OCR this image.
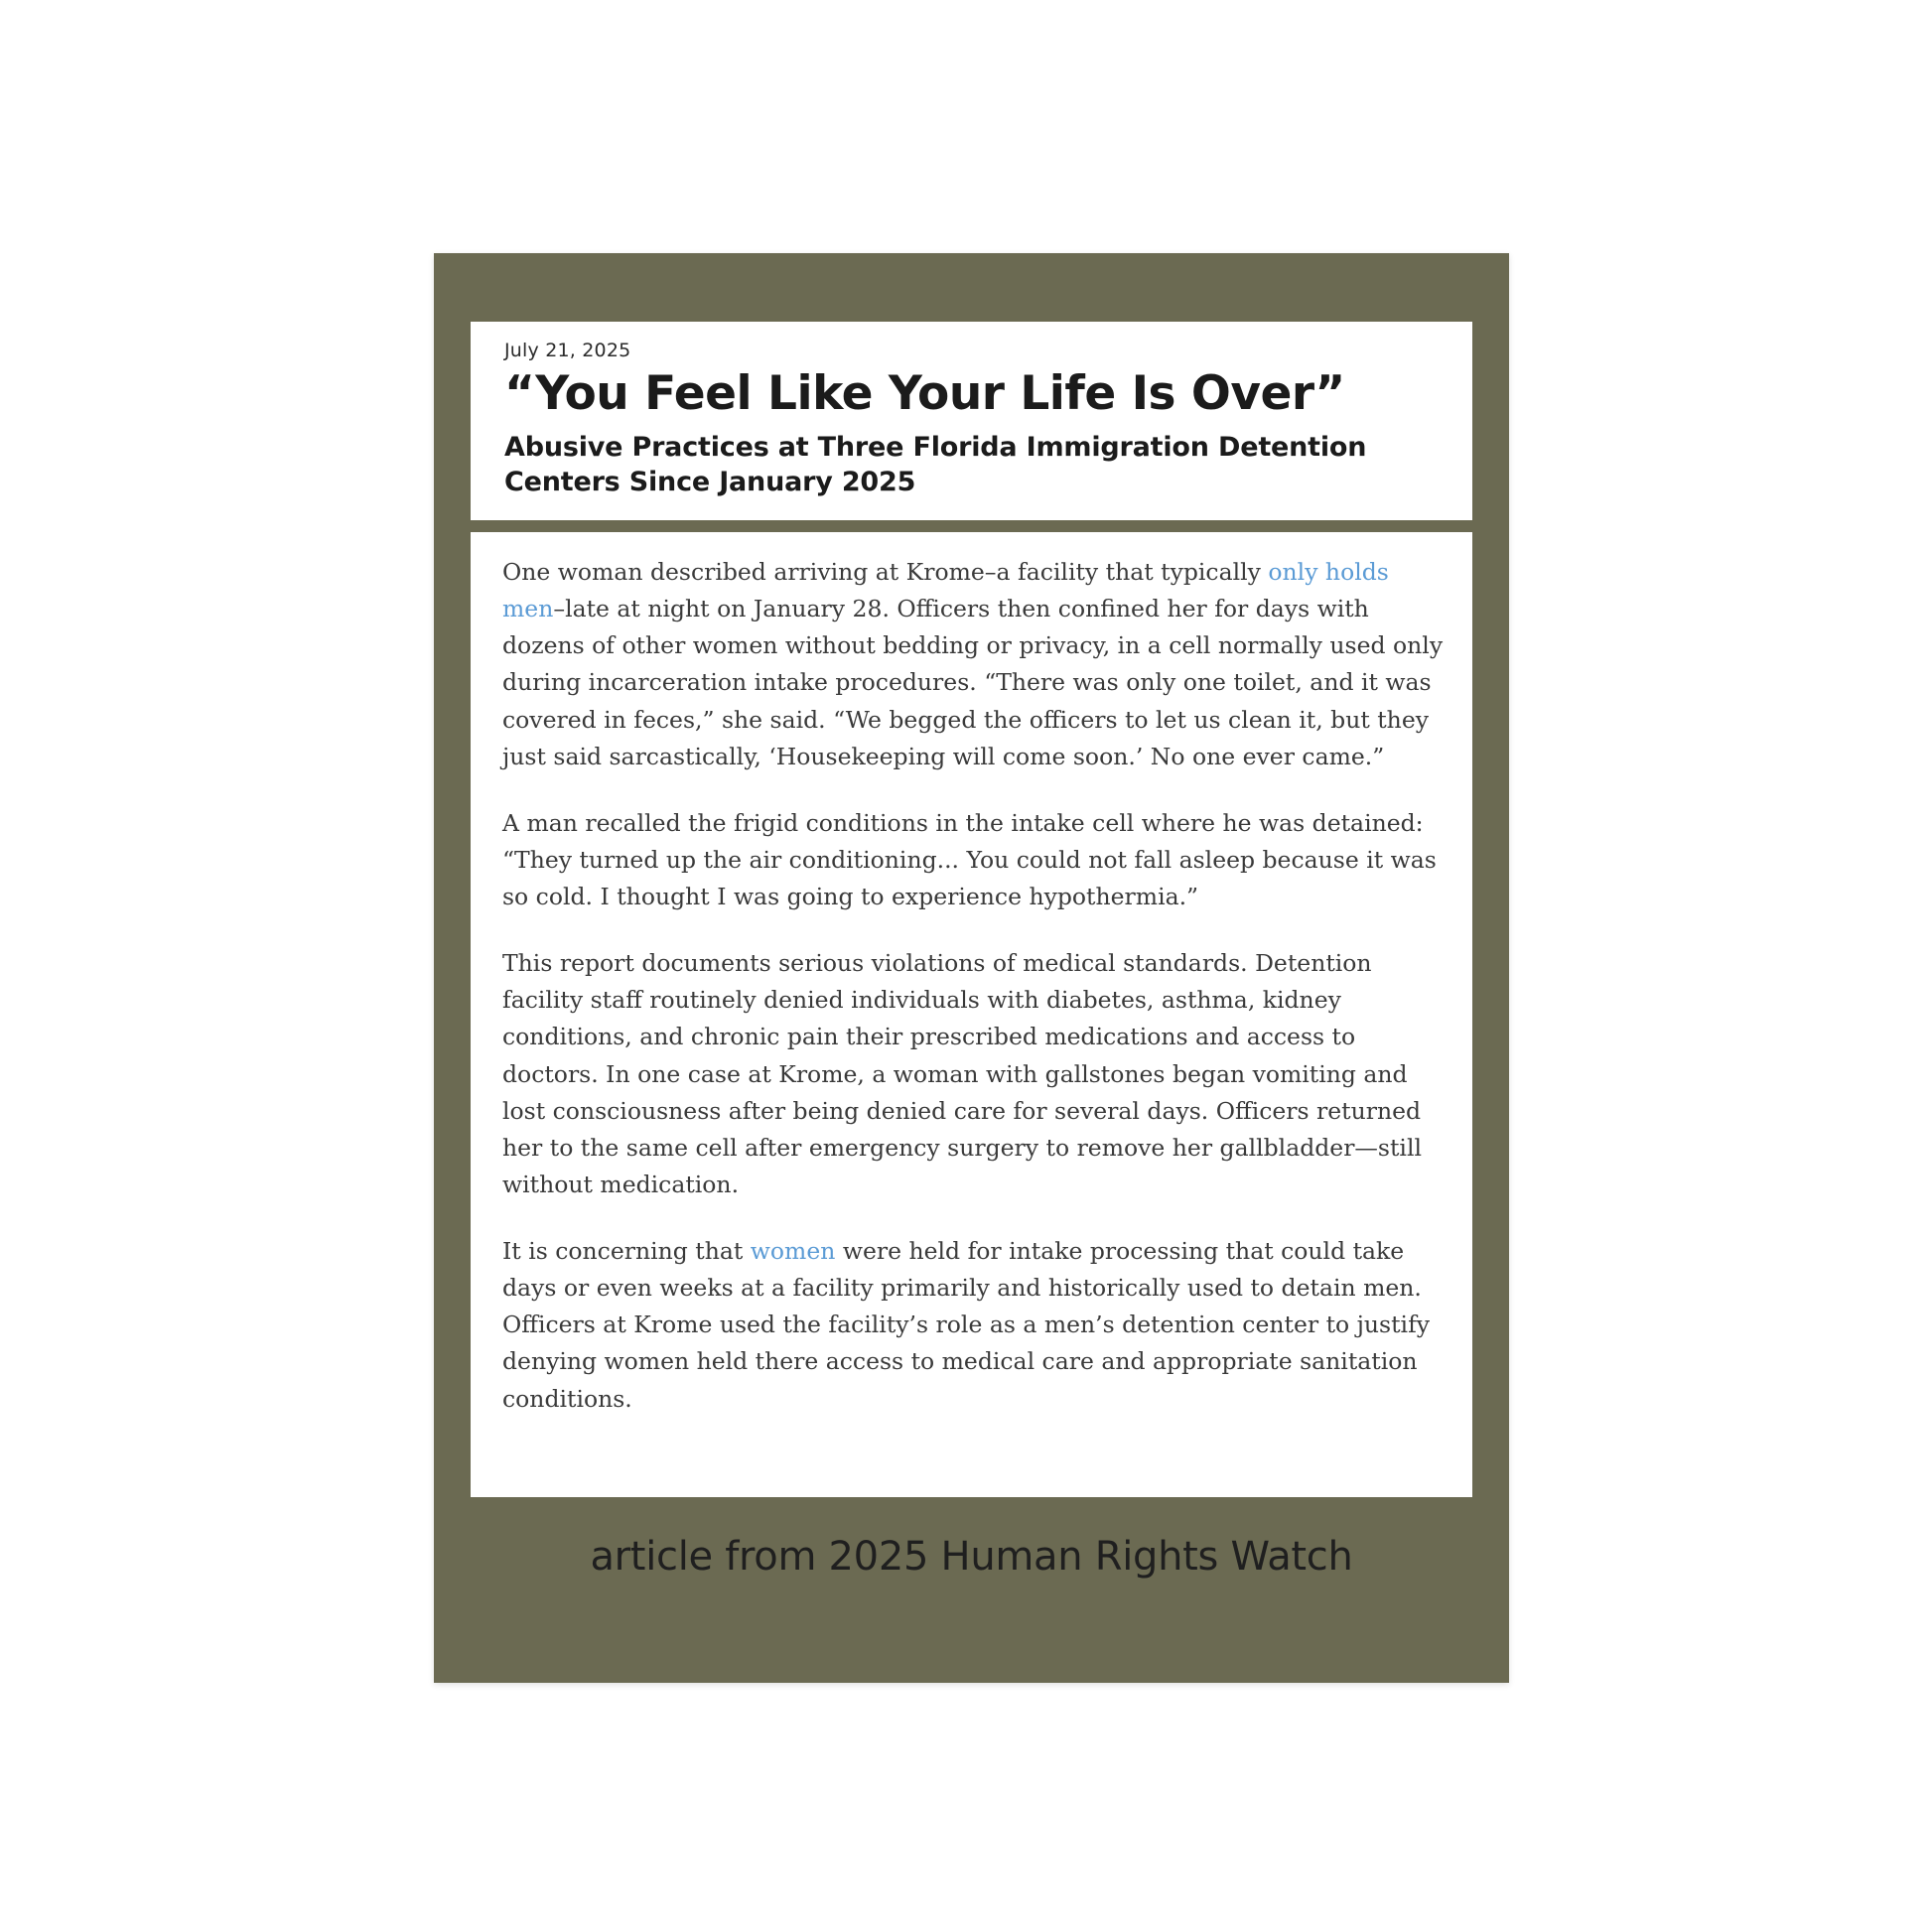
July 21, 2025
“You Feel Like Your Life Is Over”
Abusive Practices at Three Florida Immigration Detention Centers Since January 2025

One woman described arriving at Krome–a facility that typically only holds men–late at night on January 28. Officers then confined her for days with dozens of other women without bedding or privacy, in a cell normally used only during incarceration intake procedures. “There was only one toilet, and it was covered in feces,” she said. “We begged the officers to let us clean it, but they just said sarcastically, ‘Housekeeping will come soon.’ No one ever came.”

A man recalled the frigid conditions in the intake cell where he was detained: “They turned up the air conditioning... You could not fall asleep because it was so cold. I thought I was going to experience hypothermia.”

This report documents serious violations of medical standards. Detention facility staff routinely denied individuals with diabetes, asthma, kidney conditions, and chronic pain their prescribed medications and access to doctors. In one case at Krome, a woman with gallstones began vomiting and lost consciousness after being denied care for several days. Officers returned her to the same cell after emergency surgery to remove her gallbladder—still without medication.

It is concerning that women were held for intake processing that could take days or even weeks at a facility primarily and historically used to detain men. Officers at Krome used the facility’s role as a men’s detention center to justify denying women held there access to medical care and appropriate sanitation conditions.

article from 2025 Human Rights Watch
